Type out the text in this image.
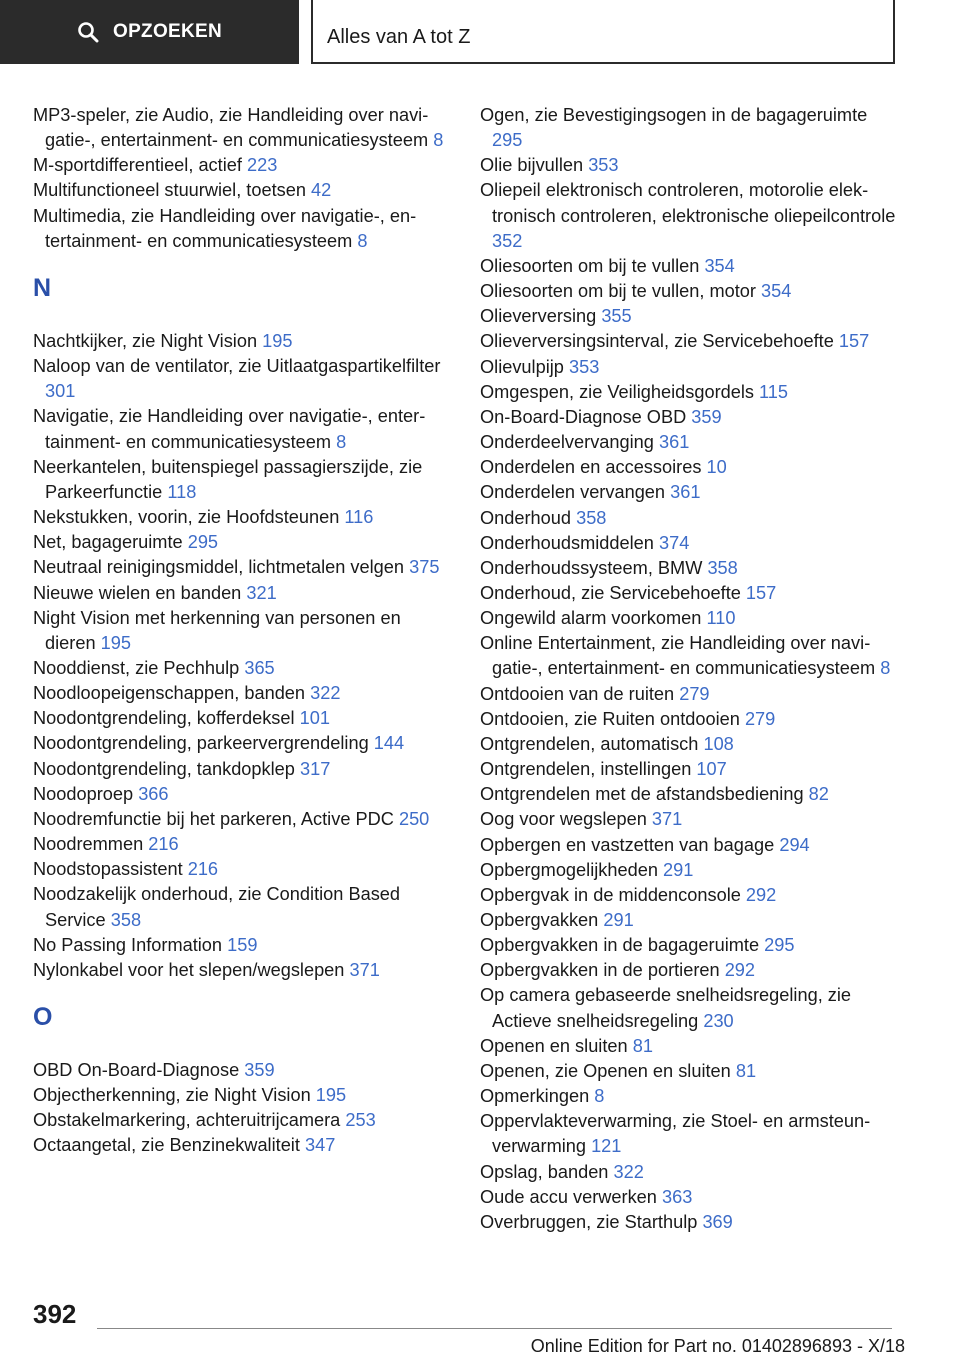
OPZOEKEN	Alles van A tot Z
MP3-speler, zie Audio, zie Handleiding over navigatie-, entertainment- en communicatiesysteem 8
M-sportdifferentieel, actief 223
Multifunctioneel stuurwiel, toetsen 42
Multimedia, zie Handleiding over navigatie-, entertainment- en communicatiesysteem 8
N
Nachtkijker, zie Night Vision 195
Naloop van de ventilator, zie Uitlaatgaspartikelfilter 301
Navigatie, zie Handleiding over navigatie-, entertainment- en communicatiesysteem 8
Neerkantelen, buitenspiegel passagierszijde, zie Parkeerfunctie 118
Nekstukken, voorin, zie Hoofdsteunen 116
Net, bagageruimte 295
Neutraal reinigingsmiddel, lichtmetalen velgen 375
Nieuwe wielen en banden 321
Night Vision met herkenning van personen en dieren 195
Nooddienst, zie Pechhulp 365
Noodloopeigenschappen, banden 322
Noodontgrendeling, kofferdeksel 101
Noodontgrendeling, parkeervergrendeling 144
Noodontgrendeling, tankdopklep 317
Noodoproep 366
Noodremfunctie bij het parkeren, Active PDC 250
Noodremmen 216
Noodstopassistent 216
Noodzakelijk onderhoud, zie Condition Based Service 358
No Passing Information 159
Nylonkabel voor het slepen/wegslepen 371
O
OBD On-Board-Diagnose 359
Objectherkenning, zie Night Vision 195
Obstakelmarkering, achteruitrijcamera 253
Octaangetal, zie Benzinekwaliteit 347
Ogen, zie Bevestigingsogen in de bagageruimte 295
Olie bijvullen 353
Oliepeil elektronisch controleren, motorolie elektronisch controleren, elektronische oliepeilcontrole 352
Oliesoorten om bij te vullen 354
Oliesoorten om bij te vullen, motor 354
Olieverversing 355
Olieverversingsinterval, zie Servicebehoefte 157
Olievulpijp 353
Omgespen, zie Veiligheidsgordels 115
On-Board-Diagnose OBD 359
Onderdeelvervanging 361
Onderdelen en accessoires 10
Onderdelen vervangen 361
Onderhoud 358
Onderhoudsmiddelen 374
Onderhoudssysteem, BMW 358
Onderhoud, zie Servicebehoefte 157
Ongewild alarm voorkomen 110
Online Entertainment, zie Handleiding over navigatie-, entertainment- en communicatiesysteem 8
Ontdooien van de ruiten 279
Ontdooien, zie Ruiten ontdooien 279
Ontgrendelen, automatisch 108
Ontgrendelen, instellingen 107
Ontgrendelen met de afstandsbediening 82
Oog voor wegslepen 371
Opbergen en vastzetten van bagage 294
Opbergmogelijkheden 291
Opbergvak in de middenconsole 292
Opbergvakken 291
Opbergvakken in de bagageruimte 295
Opbergvakken in de portieren 292
Op camera gebaseerde snelheidsregeling, zie Actieve snelheidsregeling 230
Openen en sluiten 81
Openen, zie Openen en sluiten 81
Opmerkingen 8
Oppervlakteverwarming, zie Stoel- en armsteunverwarming 121
Opslag, banden 322
Oude accu verwerken 363
Overbruggen, zie Starthulp 369
392
Online Edition for Part no. 01402896893 - X/18
